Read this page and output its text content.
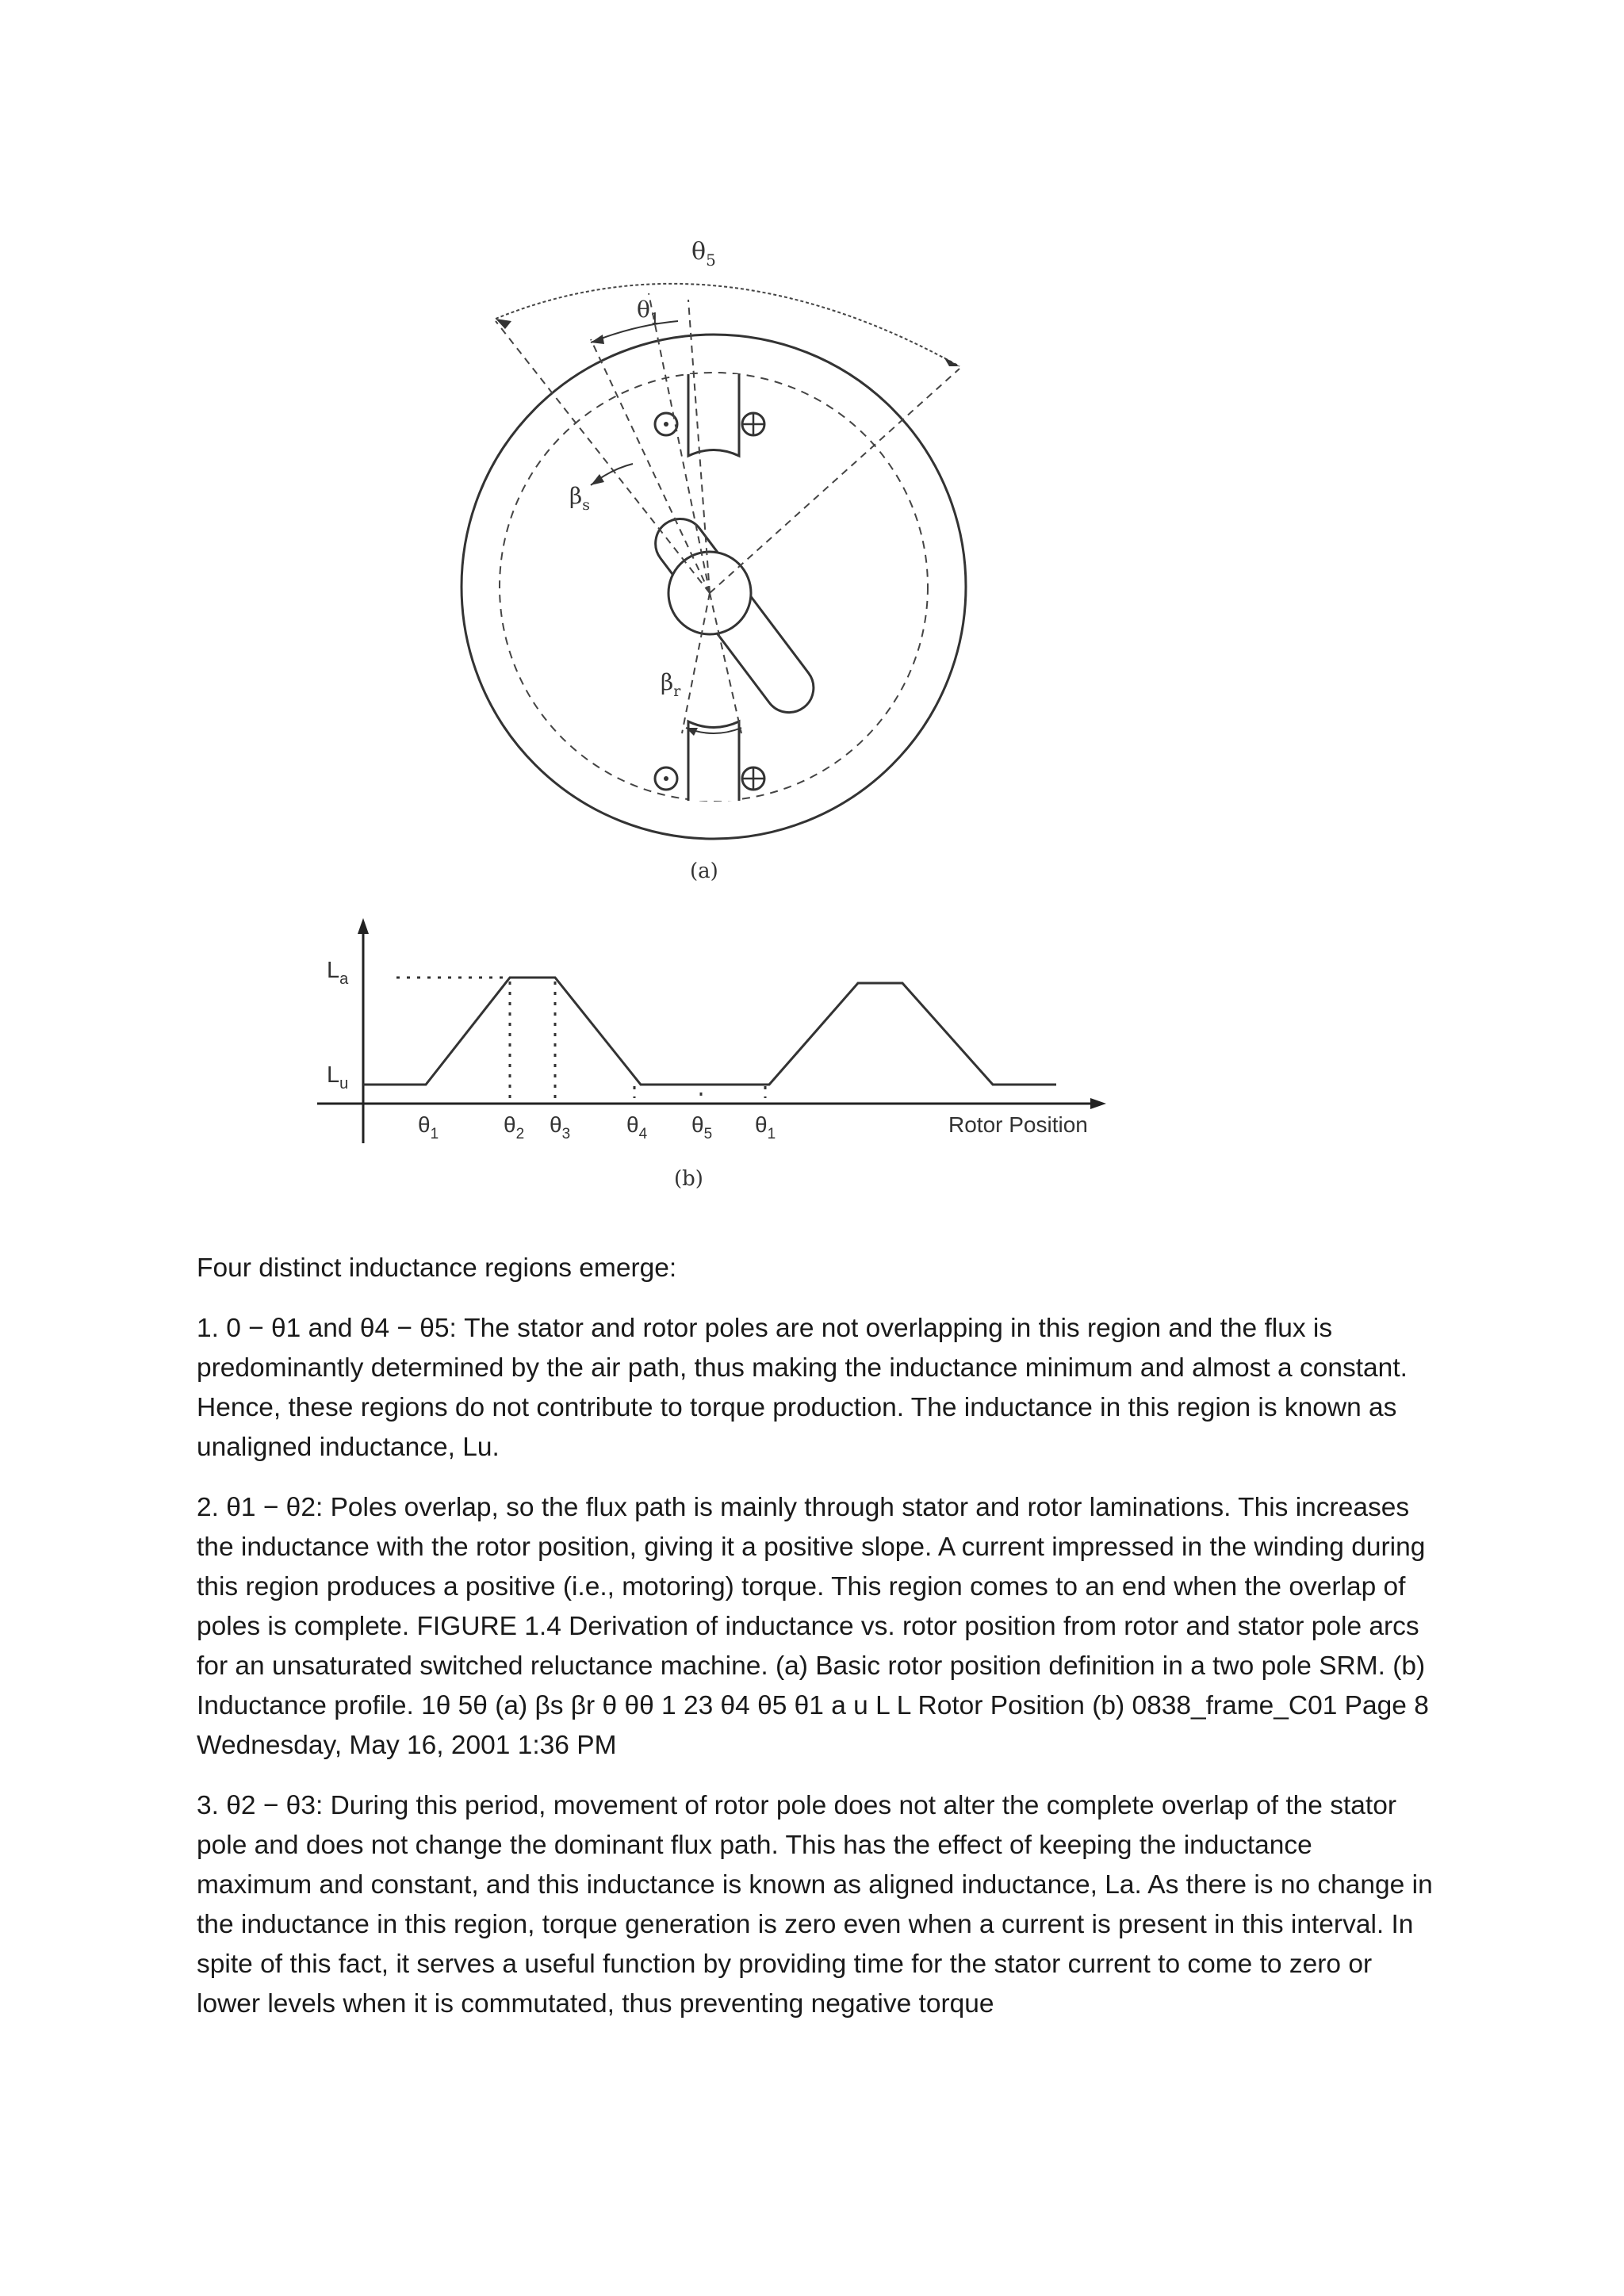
$\theta_5$
$\theta_1$
$\beta_s$
$\beta_r$
(a)
$L_a$
$L_u$
$\theta_1$	$\theta_2$ $\theta_3$	$\theta_4$ $\theta_5$ $\theta_1$	Rotor Position
(b)

Four distinct inductance regions emerge:

1. 0 − θ1 and θ4 − θ5: The stator and rotor poles are not overlapping in this region and the flux is predominantly determined by the air path, thus making the inductance minimum and almost a constant. Hence, these regions do not contribute to torque production. The inductance in this region is known as unaligned inductance, Lu.

2. θ1 − θ2: Poles overlap, so the flux path is mainly through stator and rotor laminations. This increases the inductance with the rotor position, giving it a positive slope. A current impressed in the winding during this region produces a positive (i.e., motoring) torque. This region comes to an end when the overlap of poles is complete. FIGURE 1.4 Derivation of inductance vs. rotor position from rotor and stator pole arcs for an unsaturated switched reluctance machine. (a) Basic rotor position definition in a two pole SRM. (b) Inductance profile. 1θ 5θ (a) βs βr θ θθ 1 23 θ4 θ5 θ1 a u L L Rotor Position (b) 0838_frame_C01 Page 8 Wednesday, May 16, 2001 1:36 PM

3. θ2 − θ3: During this period, movement of rotor pole does not alter the complete overlap of the stator pole and does not change the dominant flux path. This has the effect of keeping the inductance maximum and constant, and this inductance is known as aligned inductance, La. As there is no change in the inductance in this region, torque generation is zero even when a current is present in this interval. In spite of this fact, it serves a useful function by providing time for the stator current to come to zero or lower levels when it is commutated, thus preventing negative torque
